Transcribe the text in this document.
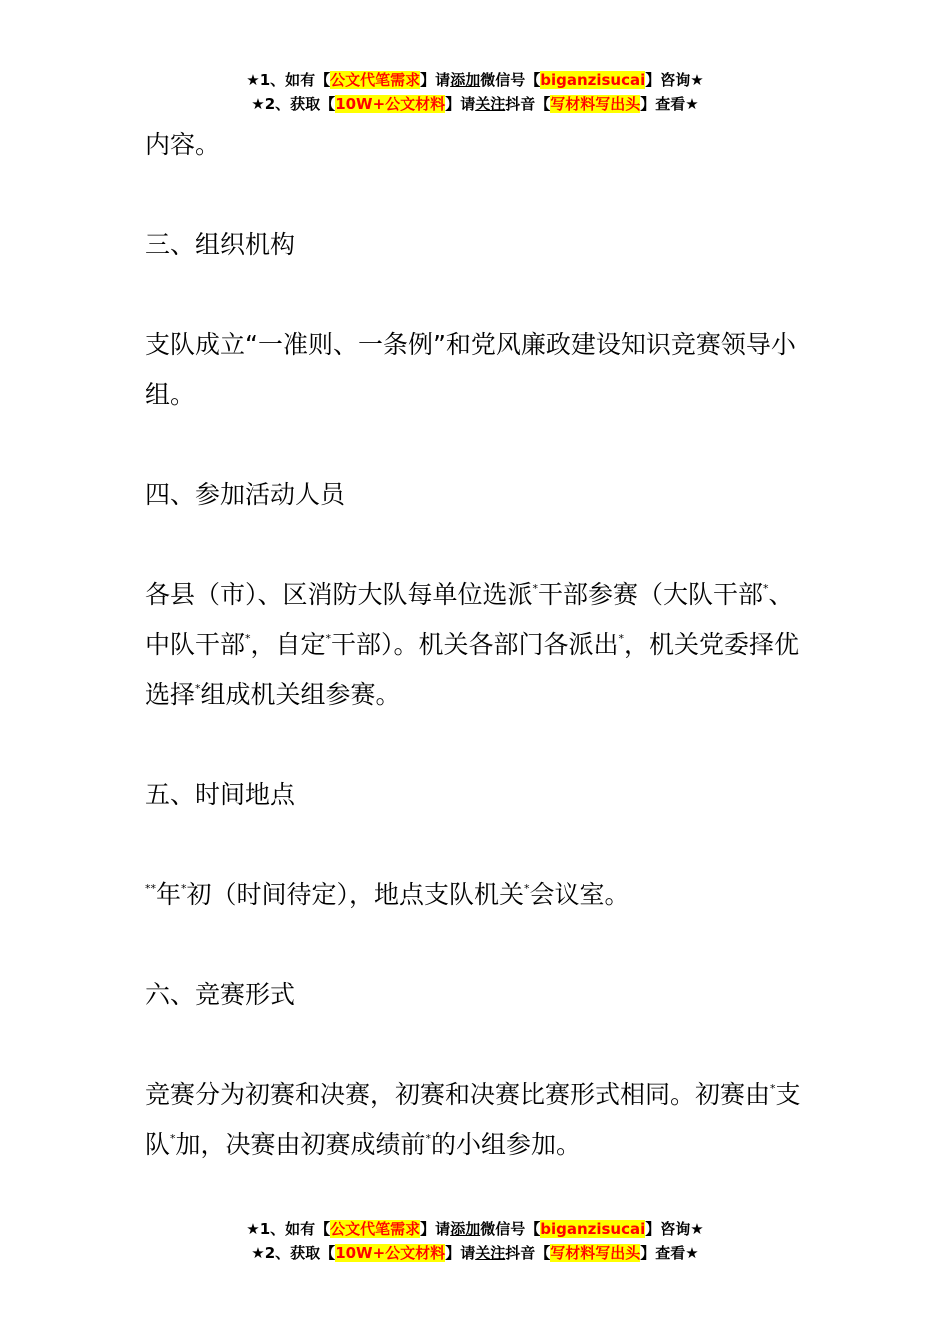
★1、如有【公文代笔需求】请添加微信号【biganzisucai】咨询★
★2、获取【10W+公文材料】请关注抖音【写材料写出头】查看★

内容。

三、组织机构

支队成立“一准则、一条例”和党风廉政建设知识竞赛领导小组。

四、参加活动人员

各县（市）、区消防大队每单位选派*干部参赛（大队干部*、中队干部*，自定*干部）。机关各部门各派出*，机关党委择优选择*组成机关组参赛。

五、时间地点

**年*初（时间待定），地点支队机关*会议室。

六、竞赛形式

竞赛分为初赛和决赛，初赛和决赛比赛形式相同。初赛由*支队*加，决赛由初赛成绩前*的小组参加。

★1、如有【公文代笔需求】请添加微信号【biganzisucai】咨询★
★2、获取【10W+公文材料】请关注抖音【写材料写出头】查看★
